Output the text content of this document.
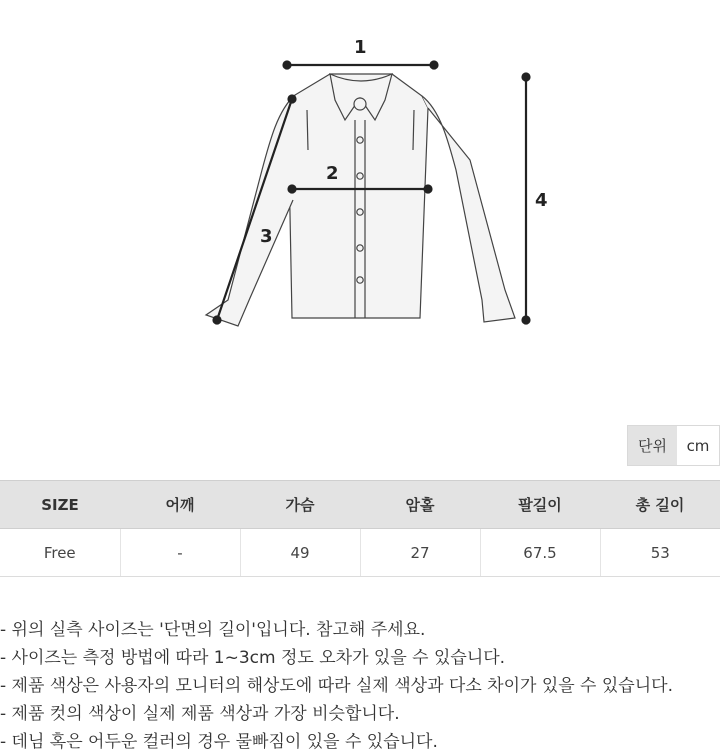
1
2
3
4
단위	cm
SIZE	어깨	가슴	암홀	팔길이	총 길이
Free	-	49	27	67.5	53
- 위의 실측 사이즈는 '단면의 길이'입니다. 참고해 주세요.
- 사이즈는 측정 방법에 따라 1~3cm 정도 오차가 있을 수 있습니다.
- 제품 색상은 사용자의 모니터의 해상도에 따라 실제 색상과 다소 차이가 있을 수 있습니다.
- 제품 컷의 색상이 실제 제품 색상과 가장 비슷합니다.
- 데님 혹은 어두운 컬러의 경우 물빠짐이 있을 수 있습니다.
